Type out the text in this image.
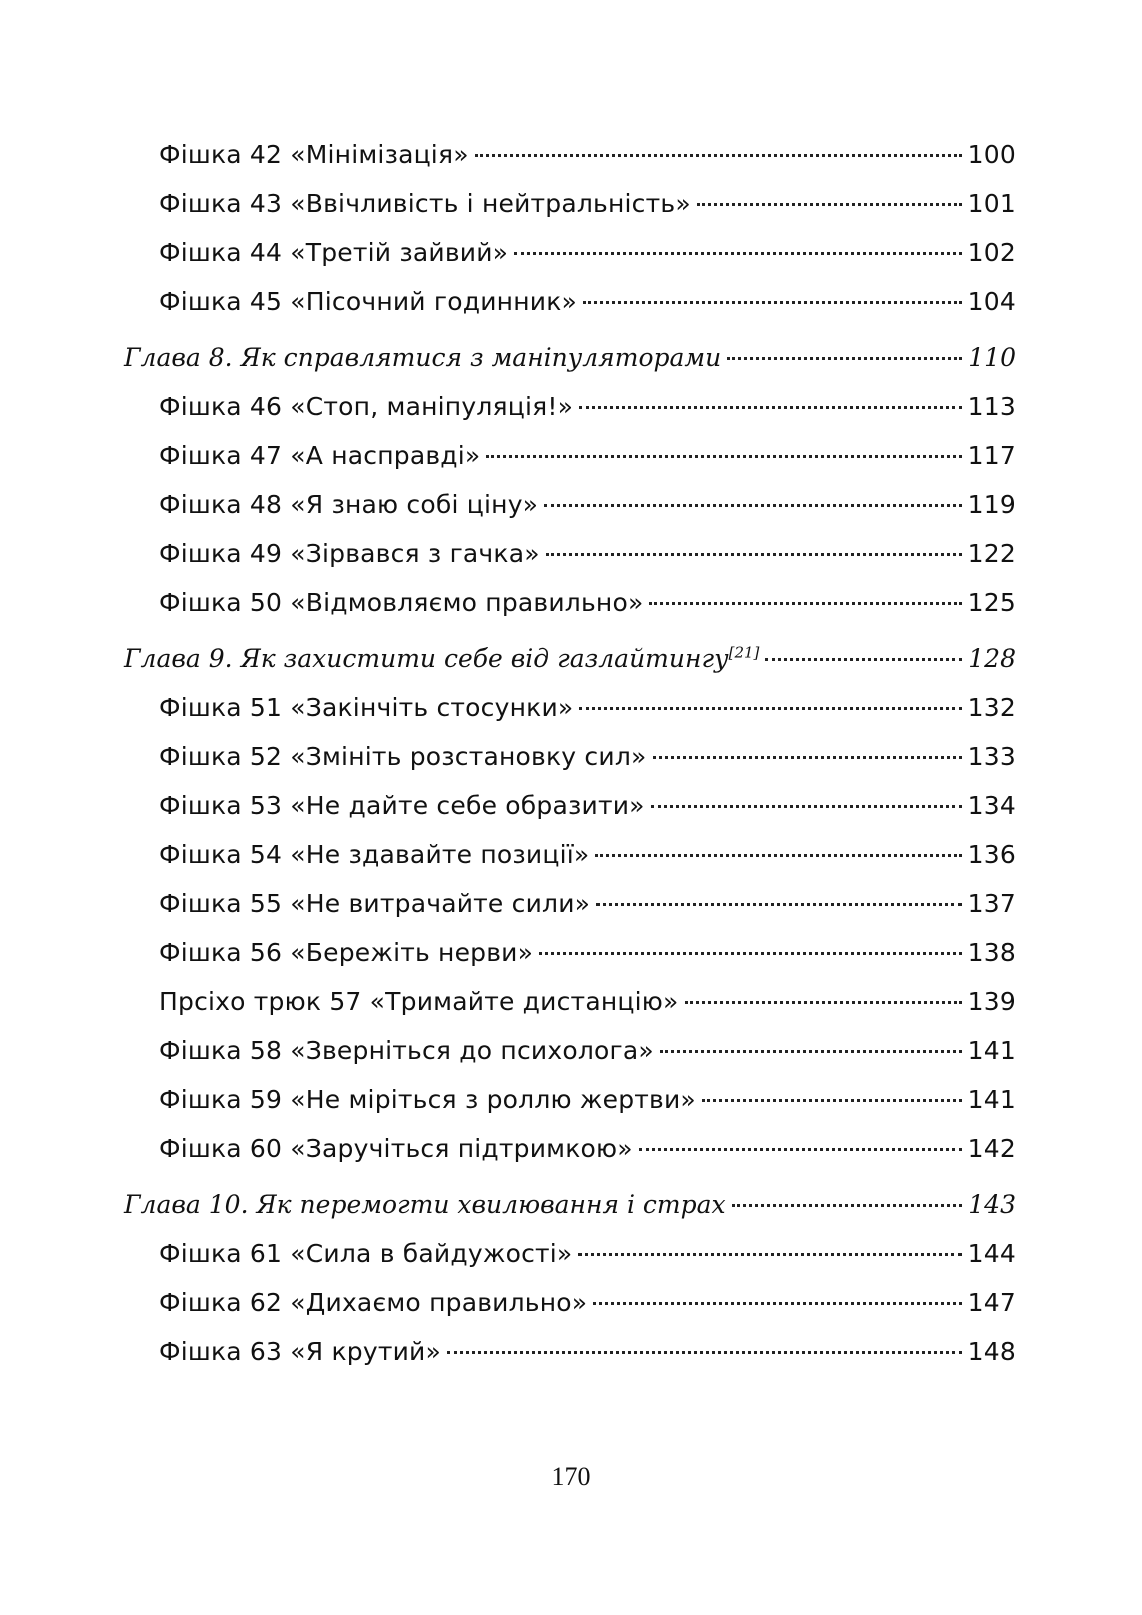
Фішка 42 «Мінімізація»	100
Фішка 43 «Ввічливість і нейтральність»	101
Фішка 44 «Третій зайвий»	102
Фішка 45 «Пісочний годинник»	104
Глава 8. Як справлятися з маніпуляторами	110
Фішка 46 «Стоп, маніпуляція!»	113
Фішка 47 «А насправді»	117
Фішка 48 «Я знаю собі ціну»	119
Фішка 49 «Зірвався з гачка»	122
Фішка 50 «Відмовляємо правильно»	125
Глава 9. Як захистити себе від газлайтингу[21]	128
Фішка 51 «Закінчіть стосунки»	132
Фішка 52 «Змініть розстановку сил»	133
Фішка 53 «Не дайте себе образити»	134
Фішка 54 «Не здавайте позиції»	136
Фішка 55 «Не витрачайте сили»	137
Фішка 56 «Бережіть нерви»	138
Прсіхо трюк 57 «Тримайте дистанцію»	139
Фішка 58 «Зверніться до психолога»	141
Фішка 59 «Не міріться з роллю жертви»	141
Фішка 60 «Заручіться підтримкою»	142
Глава 10. Як перемогти хвилювання і страх	143
Фішка 61 «Сила в байдужості»	144
Фішка 62 «Дихаємо правильно»	147
Фішка 63 «Я крутий»	148
170
